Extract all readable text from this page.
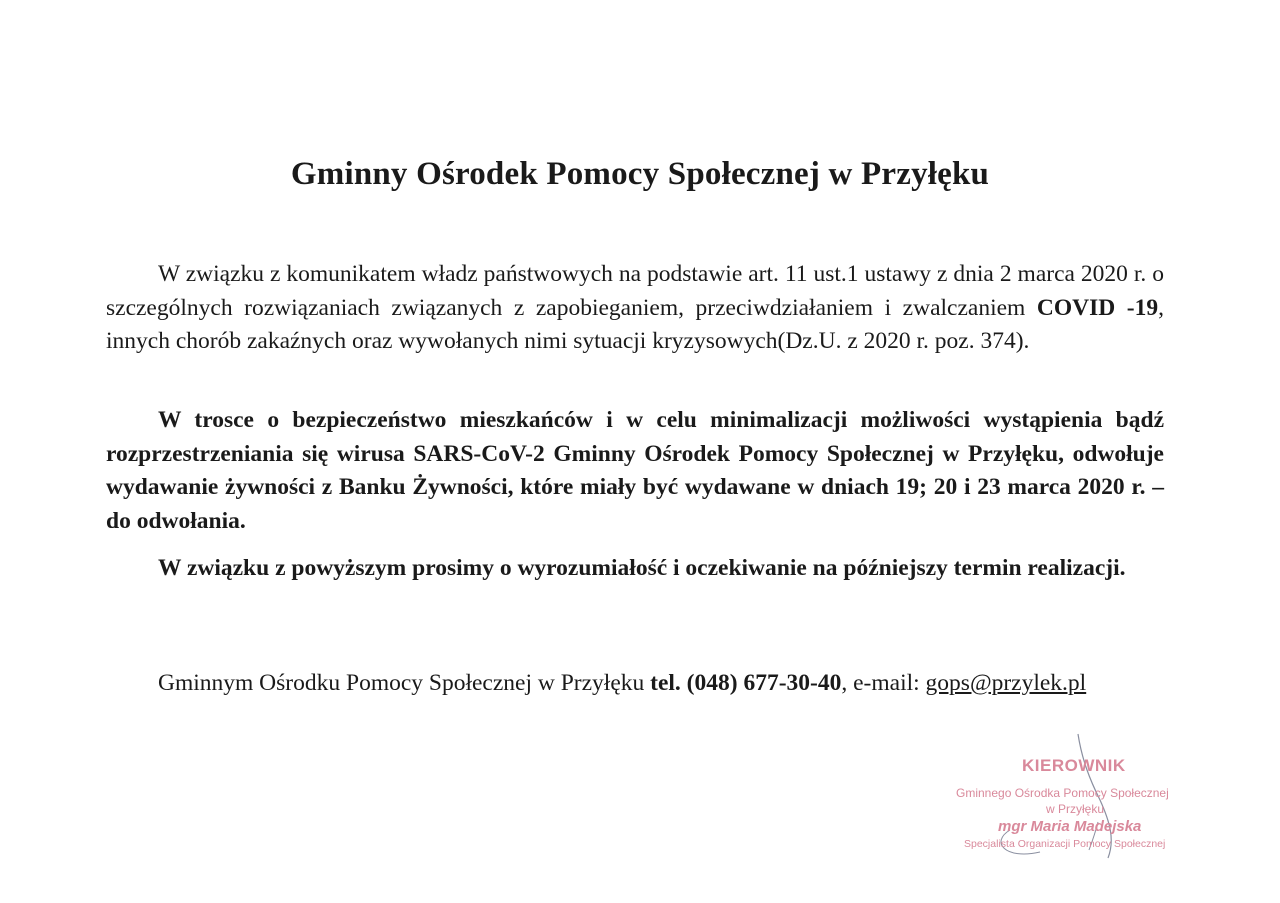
Gminny Ośrodek Pomocy Społecznej w Przyłęku

W związku z komunikatem władz państwowych na podstawie art. 11 ust.1 ustawy z dnia 2 marca 2020 r. o szczególnych rozwiązaniach związanych z zapobieganiem, przeciwdziałaniem i zwalczaniem COVID -19, innych chorób zakaźnych oraz wywołanych nimi sytuacji kryzysowych(Dz.U. z 2020 r. poz. 374).

W trosce o bezpieczeństwo mieszkańców i w celu minimalizacji możliwości wystąpienia bądź rozprzestrzeniania się wirusa SARS-CoV-2 Gminny Ośrodek Pomocy Społecznej w Przyłęku, odwołuje wydawanie żywności z Banku Żywności, które miały być wydawane w dniach 19; 20 i 23 marca 2020 r. – do odwołania.

W związku z powyższym prosimy o wyrozumiałość i oczekiwanie na późniejszy termin realizacji.

Gminnym Ośrodku Pomocy Społecznej w Przyłęku tel. (048) 677-30-40, e-mail: gops@przylek.pl

KIEROWNIK
Gminnego Ośrodka Pomocy Społecznej
w Przyłęku
mgr Maria Madejska
Specjalista Organizacji Pomocy Społecznej
